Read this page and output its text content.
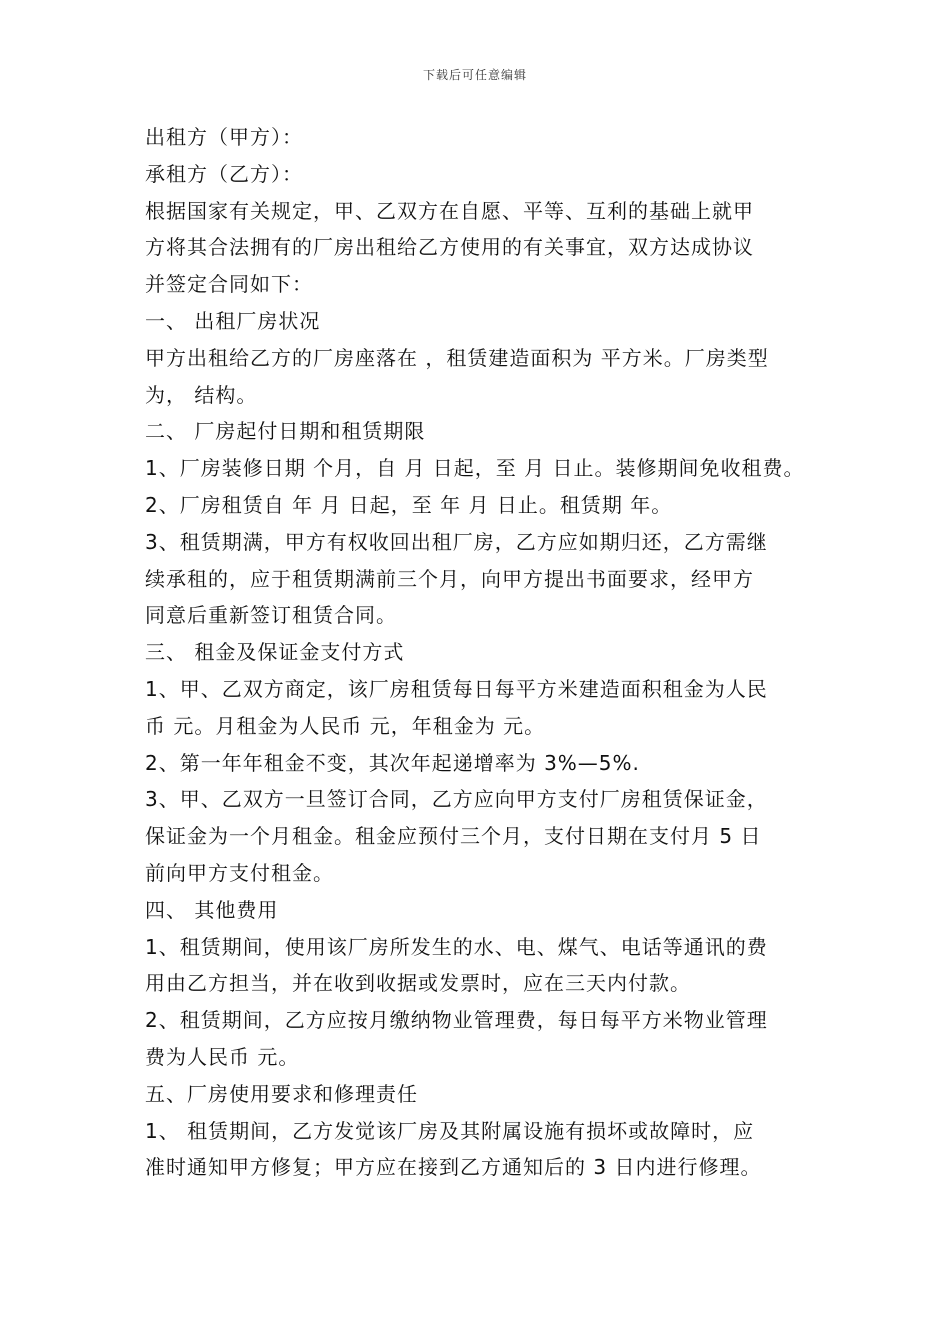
下载后可任意编辑
出租方（甲方）：
承租方（乙方）：
根据国家有关规定，甲、乙双方在自愿、平等、互利的基础上就甲
方将其合法拥有的厂房出租给乙方使用的有关事宜，双方达成协议
并签定合同如下：
一、 出租厂房状况
甲方出租给乙方的厂房座落在 ，租赁建造面积为 平方米。厂房类型
为， 结构。
二、 厂房起付日期和租赁期限
1、厂房装修日期 个月，自 月 日起，至 月 日止。装修期间免收租费。
2、厂房租赁自 年 月 日起，至 年 月 日止。租赁期 年。
3、租赁期满，甲方有权收回出租厂房，乙方应如期归还，乙方需继
续承租的，应于租赁期满前三个月，向甲方提出书面要求，经甲方
同意后重新签订租赁合同。
三、 租金及保证金支付方式
1、甲、乙双方商定，该厂房租赁每日每平方米建造面积租金为人民
币 元。月租金为人民币 元，年租金为 元。
2、第一年年租金不变，其次年起递增率为 3%—5%.
3、甲、乙双方一旦签订合同，乙方应向甲方支付厂房租赁保证金，
保证金为一个月租金。租金应预付三个月，支付日期在支付月 5 日
前向甲方支付租金。
四、 其他费用
1、租赁期间，使用该厂房所发生的水、电、煤气、电话等通讯的费
用由乙方担当，并在收到收据或发票时，应在三天内付款。
2、租赁期间，乙方应按月缴纳物业管理费，每日每平方米物业管理
费为人民币 元。
五、厂房使用要求和修理责任
1、 租赁期间，乙方发觉该厂房及其附属设施有损坏或故障时，应
准时通知甲方修复；甲方应在接到乙方通知后的 3 日内进行修理。
